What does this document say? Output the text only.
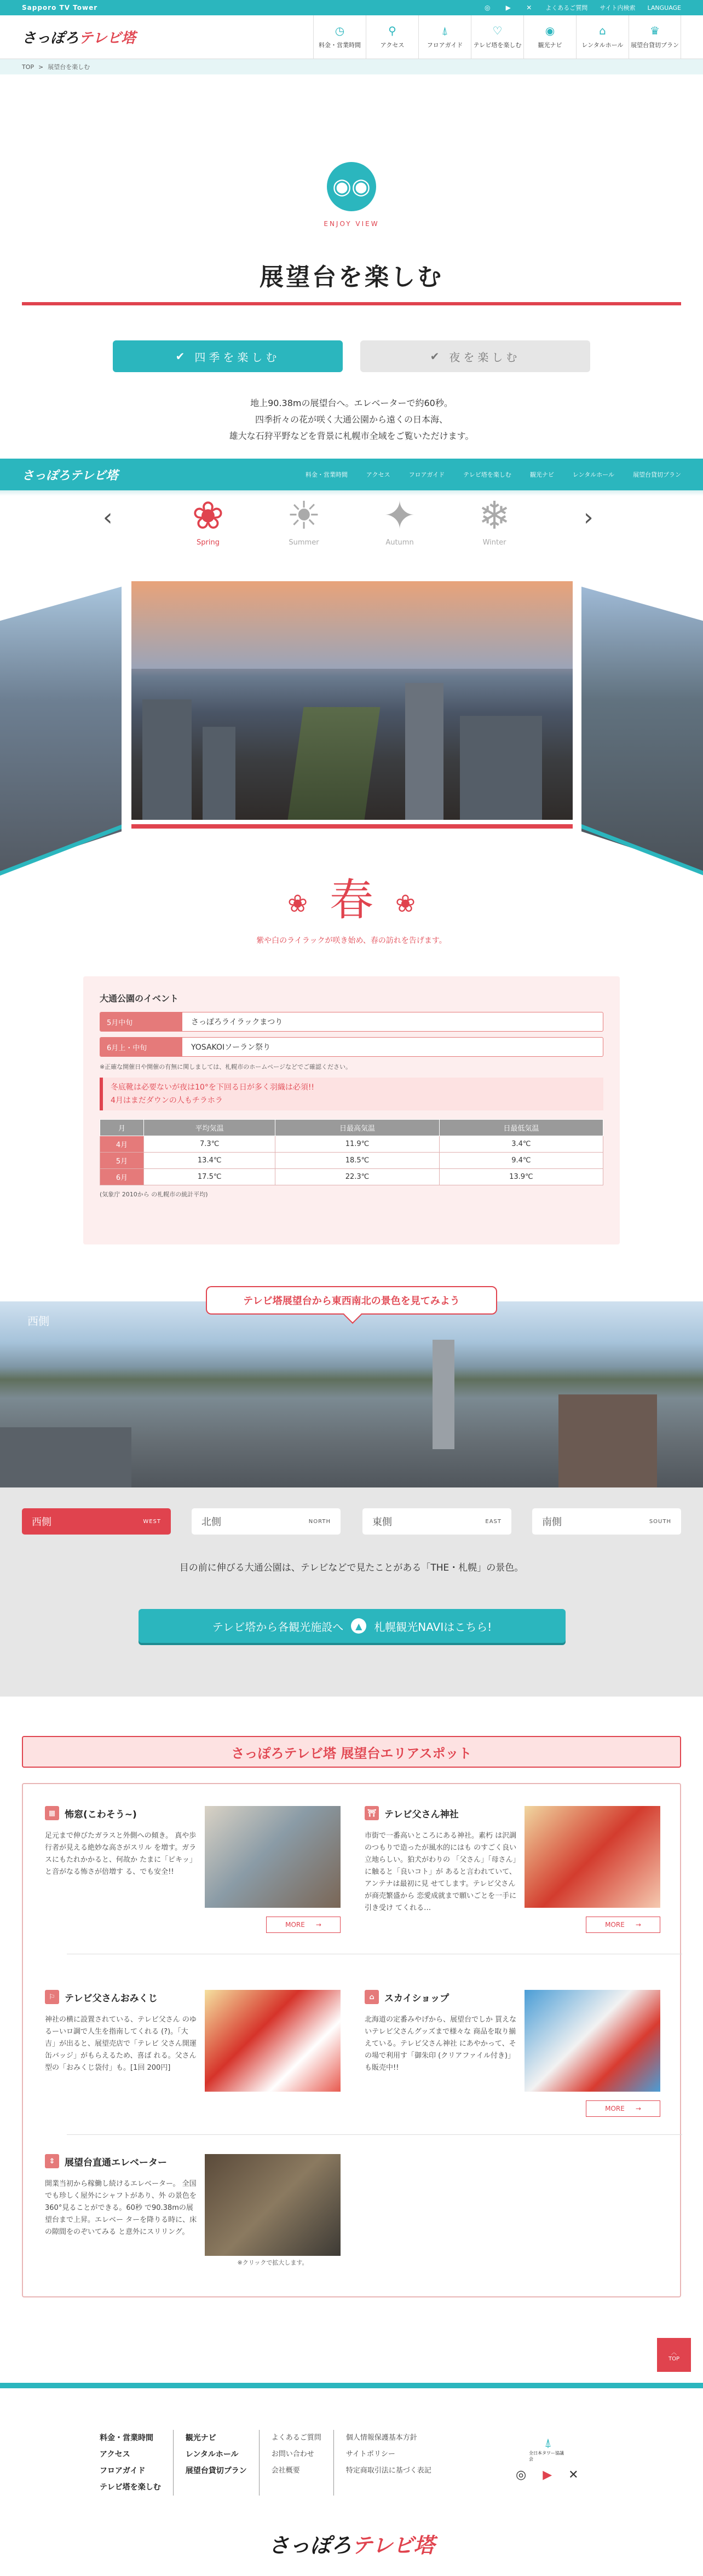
Sapporo TV Tower	◎ ▶ ✕ よくあるご質問 サイト内検索 LANGUAGE
さっぽろテレビ塔	◷
料金・営業時間
⚲
アクセス
⍋
フロアガイド
♡
テレビ塔を楽しむ
◉
観光ナビ
⌂
レンタルホール
♛
展望台貸切プラン
TOP > 展望台を楽しむ
◉◉
ENJOY VIEW
展望台を楽しむ
✔ 四季を楽しむ	✔ 夜を楽しむ
地上90.38mの展望台へ。エレベーターで約60秒。
四季折々の花が咲く大通公園から遠くの日本海、
雄大な石狩平野などを背景に札幌市全域をご覧いただけます。
さっぽろテレビ塔	料金・営業時間	アクセス	フロアガイド	テレビ塔を楽しむ	観光ナビ	レンタルホール	展望台貸切プラン
‹	›
❀
Spring
☀
Summer
✦
Autumn
❄
Winter
❀ 春 ❀
紫や白のライラックが咲き始め、春の訪れを告げます。
大通公園のイベント
5月中旬	さっぽろライラックまつり
6月上・中旬	YOSAKOIソーラン祭り
※正確な開催日や開催の有無に関しましては、札幌市のホームページなどでご確認ください。
冬底靴は必要ないが夜は10°を下回る日が多く羽織は必須!!
4月はまだダウンの人もチラホラ
月	平均気温	日最高気温	日最低気温
4月	7.3℃	11.9℃	3.4℃
5月	13.4℃	18.5℃	9.4℃
6月	17.5℃	22.3℃	13.9℃
(気象庁 2010から の札幌市の統計平均)
西側
テレビ塔展望台から東西南北の景色を見てみよう
西側	WEST	北側	NORTH	東側	EAST	南側	SOUTH
目の前に伸びる大通公園は、テレビなどで見たことがある「THE・札幌」の景色。
テレビ塔から各観光施設へ	▲	札幌観光NAVIはこちら!
さっぽろテレビ塔 展望台エリアスポット
▦ 怖窓(こわそう~)
足元まで伸びたガラスと外側への傾き。 真や歩行者が見える絶妙な高さがスリル を増す。ガラスにもたれかかると、何故か たまに「ピキッ」と音がなる怖さが倍増す る、でも安全!!
MORE →
⛩ テレビ父さん神社
市街で一番高いところにある神社。素朽 は沢調のつもりで造ったが風水的にはも のすごく良い立地らしい。狛犬がわりの 「父さん」「母さん」に触ると「良いコト」が あると言われていて、アンテナは最初に見 せてします。テレビ父さんが商売繁盛から 恋愛成就まで願いごとを一手に引き受け てくれる…
MORE →
⚐	テレビ父さんおみくじ
神社の横に設置されている、テレビ父さん のゆるーいロ調で人生を指南してくれる (?)。「大吉」が出ると、展望売店で「テレビ 父さん開運缶バッジ」がもらえるため、喜ば れる。父さん型の「おみくじ袋付」も。[1回 200円]
⌂	スカイショップ
北海道の定番みやげから、展望台でしか 買えないテレビ父さんグッズまで様々な 商品を取り揃えている。テレビ父さん神社 にあやかって、その場で利用す「御朱印 (クリアファイル付き)」も販売中!!
MORE →
⇕	展望台直通エレベーター
開業当初から稼働し続けるエレベーター。 全国でも珍しく屋外にシャフトがあり、外 の景色を360°見ることができる。60秒 で90.38mの展望台まで上昇。エレベー ターを降りる時に、床の隙間をのぞいてみる と意外にスリリング。
※クリックで拡大します。
︿
TOP
料金・営業時間
アクセス
フロアガイド
テレビ塔を楽しむ
観光ナビ
レンタルホール
展望台貸切プラン
よくあるご質問
お問い合わせ
会社概要
個人情報保護基本方針
サイトポリシー
特定商取引法に基づく表記
⍋
全日本タワー協議会
◎ ▶ ✕
さっぽろテレビ塔
